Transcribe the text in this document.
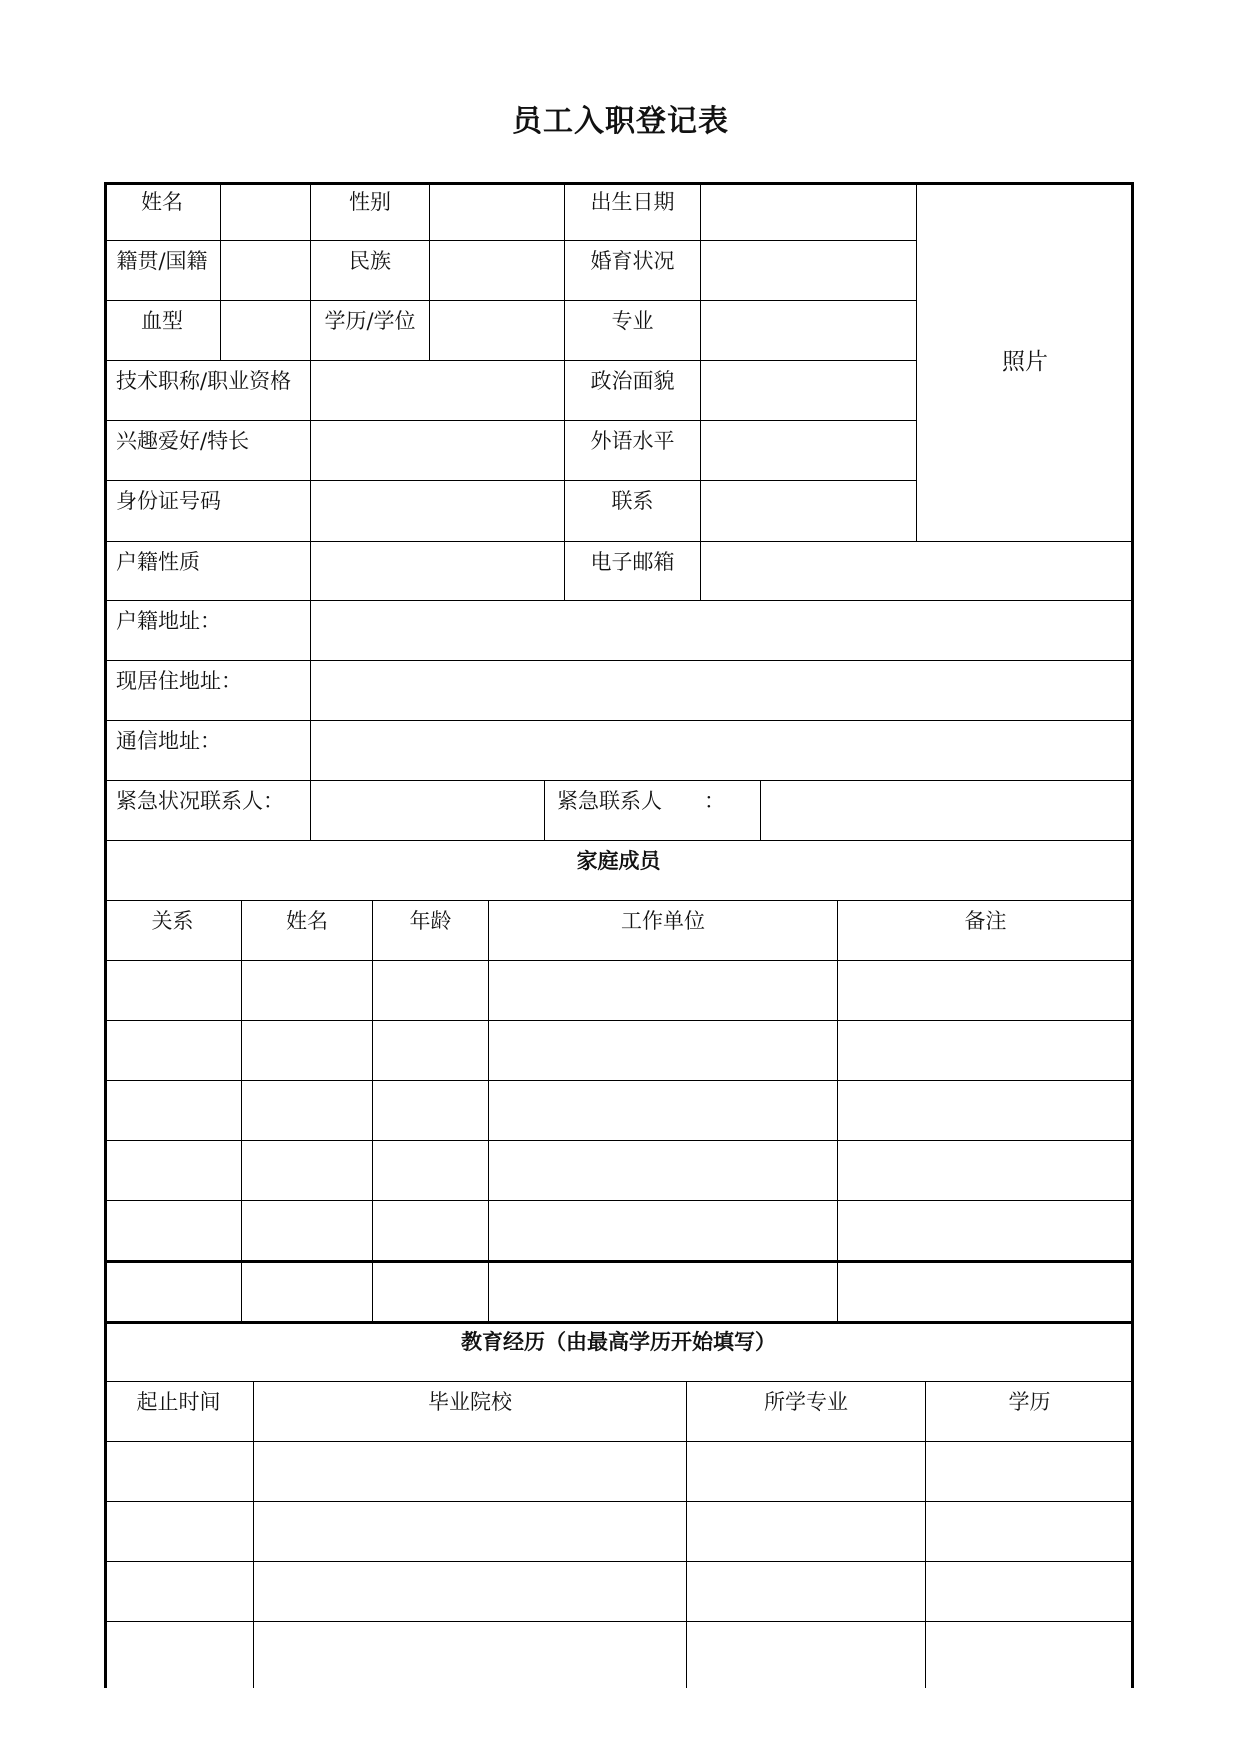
员工入职登记表
姓名	性别	出生日期
照片
籍贯/国籍	民族	婚育状况
血型	学历/学位	专业
技术职称/职业资格	政治面貌
兴趣爱好/特长	外语水平
身份证号码	联系
户籍性质	电子邮箱
户籍地址：
现居住地址：
通信地址：
紧急状况联系人：	紧急联系人　　：
家庭成员
关系	姓名	年龄	工作单位	备注
教育经历（由最高学历开始填写）
起止时间	毕业院校	所学专业	学历
